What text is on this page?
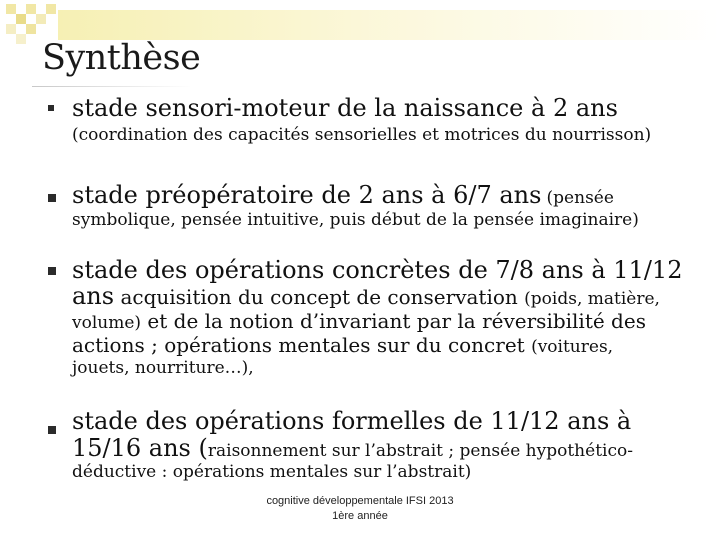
Synthèse
stade sensori-moteur de la naissance à 2 ans
(coordination des capacités sensorielles et motrices du nourrisson)
stade préopératoire de 2 ans à 6/7 ans (pensée
symbolique, pensée intuitive, puis début de la pensée imaginaire)
stade des opérations concrètes de 7/8 ans à 11/12
ans acquisition du concept de conservation (poids, matière,
volume) et de la notion d’invariant par la réversibilité des
actions ; opérations mentales sur du concret (voitures,
jouets, nourriture…),
stade des opérations formelles de 11/12 ans à
15/16 ans (raisonnement sur l’abstrait ; pensée hypothético-
déductive : opérations mentales sur l’abstrait)
cognitive développementale IFSI 2013
1ère année
